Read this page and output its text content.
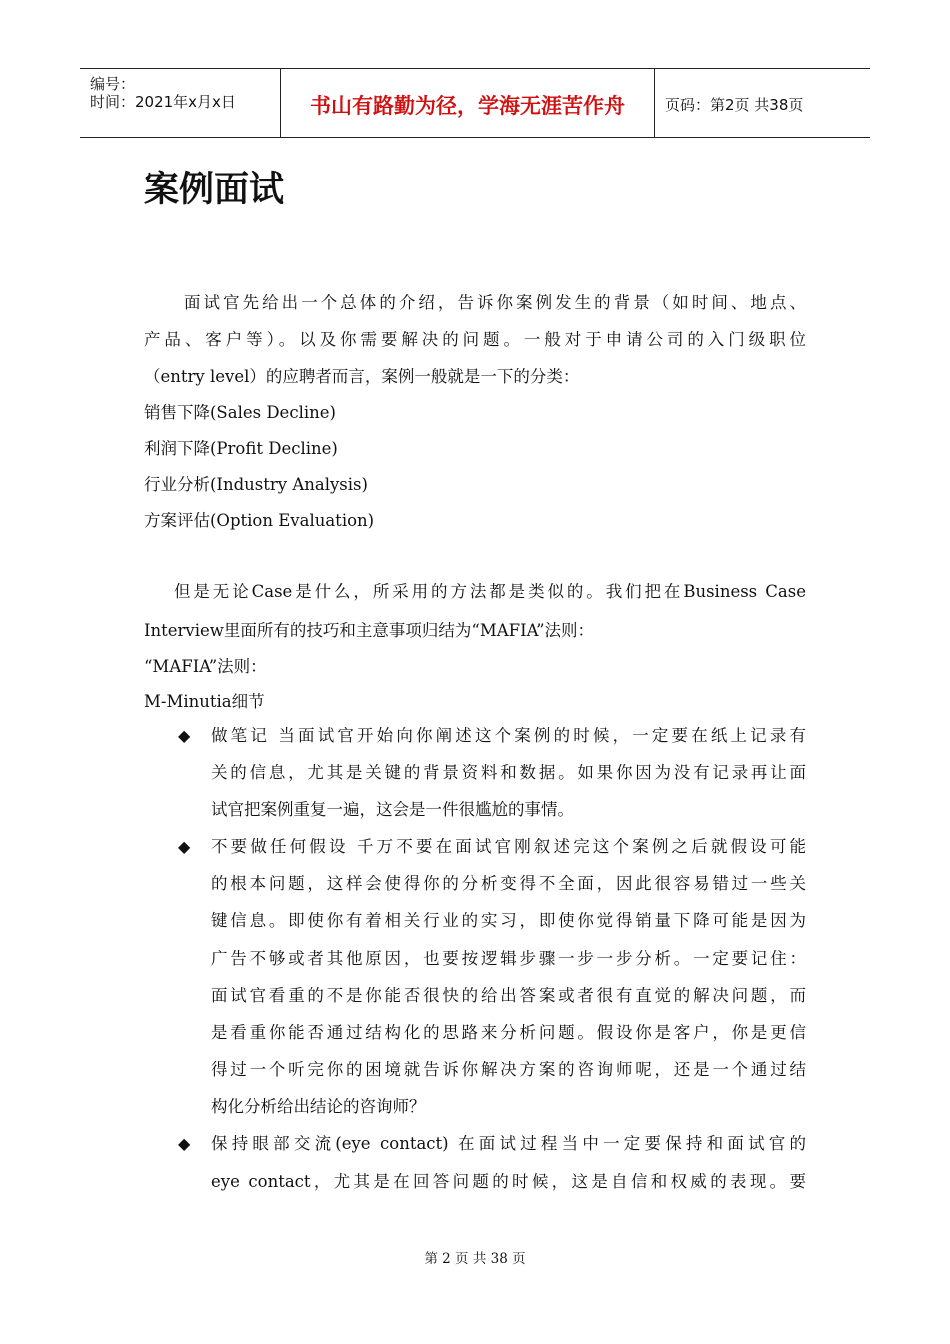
编号：
时间：2021年x月x日	书山有路勤为径，学海无涯苦作舟	页码：第2页 共38页
案例面试
面试官先给出一个总体的介绍，告诉你案例发生的背景（如时间、地点、
产品、客户等）。以及你需要解决的问题。一般对于申请公司的入门级职位
（entry level）的应聘者而言，案例一般就是一下的分类：
销售下降(Sales Decline)
利润下降(Profit Decline)
行业分析(Industry Analysis)
方案评估(Option Evaluation)
但是无论Case是什么，所采用的方法都是类似的。我们把在Business Case
Interview里面所有的技巧和主意事项归结为“MAFIA”法则：
“MAFIA”法则：
M-Minutia细节
◆ 做笔记 当面试官开始向你阐述这个案例的时候，一定要在纸上记录有
关的信息，尤其是关键的背景资料和数据。如果你因为没有记录再让面
试官把案例重复一遍，这会是一件很尴尬的事情。
◆ 不要做任何假设 千万不要在面试官刚叙述完这个案例之后就假设可能
的根本问题，这样会使得你的分析变得不全面，因此很容易错过一些关
键信息。即使你有着相关行业的实习，即使你觉得销量下降可能是因为
广告不够或者其他原因，也要按逻辑步骤一步一步分析。一定要记住：
面试官看重的不是你能否很快的给出答案或者很有直觉的解决问题，而
是看重你能否通过结构化的思路来分析问题。假设你是客户，你是更信
得过一个听完你的困境就告诉你解决方案的咨询师呢，还是一个通过结
构化分析给出结论的咨询师？
◆ 保持眼部交流(eye contact) 在面试过程当中一定要保持和面试官的
eye contact，尤其是在回答问题的时候，这是自信和权威的表现。要
第 2 页 共 38 页
